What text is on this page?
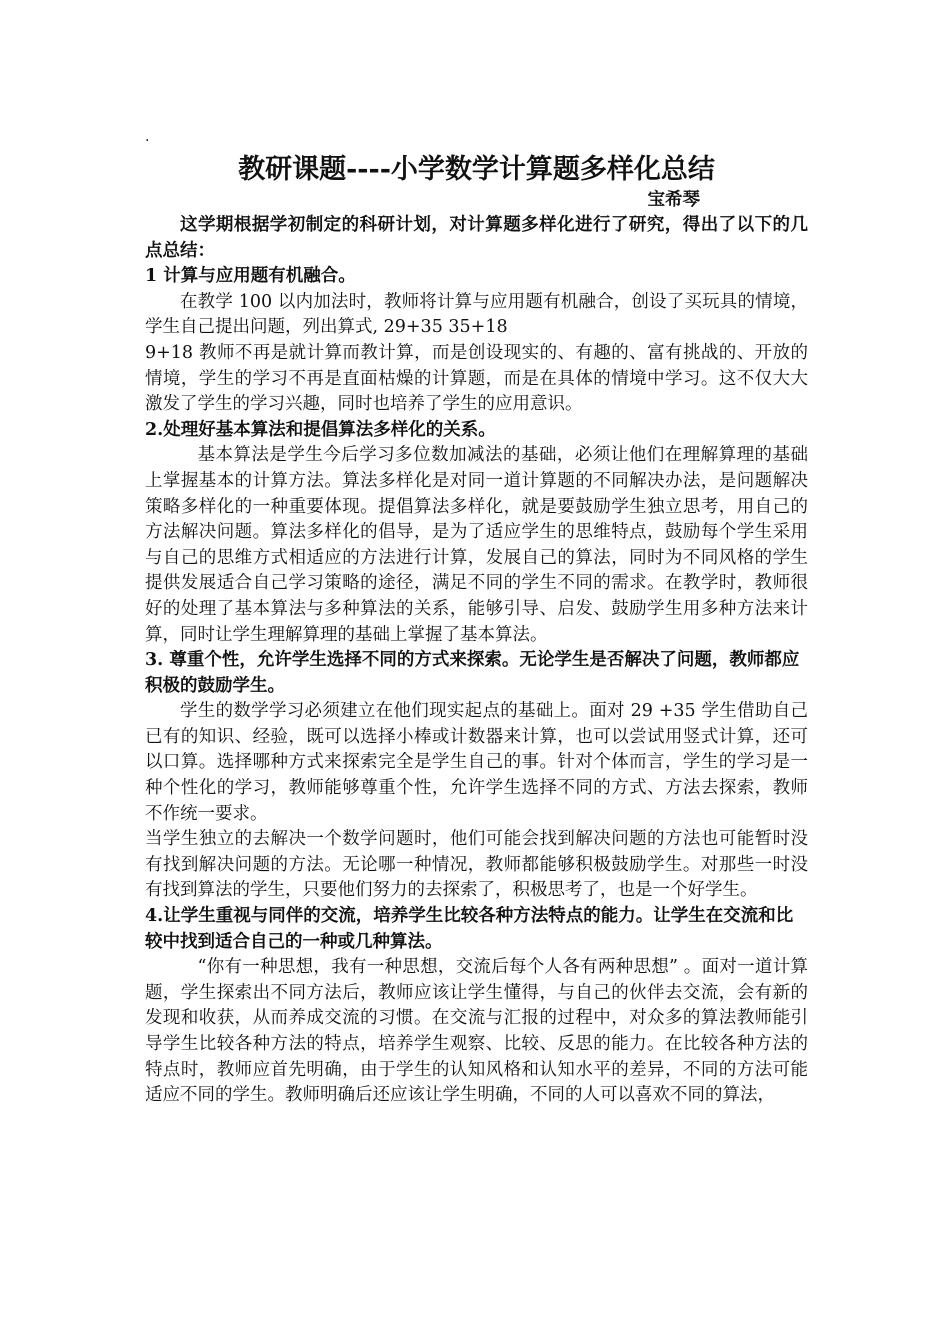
.
教研课题----小学数学计算题多样化总结
宝希琴

这学期根据学初制定的科研计划，对计算题多样化进行了研究，得出了以下的几点总结：

1 计算与应用题有机融合。

在教学 100 以内加法时，教师将计算与应用题有机融合，创设了买玩具的情境，学生自己提出问题，列出算式, 29+35 35+18

9+18 教师不再是就计算而教计算，而是创设现实的、有趣的、富有挑战的、开放的情境，学生的学习不再是直面枯燥的计算题，而是在具体的情境中学习。这不仅大大激发了学生的学习兴趣，同时也培养了学生的应用意识。

2.处理好基本算法和提倡算法多样化的关系。

基本算法是学生今后学习多位数加减法的基础，必须让他们在理解算理的基础上掌握基本的计算方法。算法多样化是对同一道计算题的不同解决办法，是问题解决策略多样化的一种重要体现。提倡算法多样化，就是要鼓励学生独立思考，用自己的方法解决问题。算法多样化的倡导，是为了适应学生的思维特点，鼓励每个学生采用与自己的思维方式相适应的方法进行计算，发展自己的算法，同时为不同风格的学生提供发展适合自己学习策略的途径，满足不同的学生不同的需求。在教学时，教师很好的处理了基本算法与多种算法的关系，能够引导、启发、鼓励学生用多种方法来计算，同时让学生理解算理的基础上掌握了基本算法。

3. 尊重个性，允许学生选择不同的方式来探索。无论学生是否解决了问题，教师都应积极的鼓励学生。

学生的数学学习必须建立在他们现实起点的基础上。面对 29 +35 学生借助自己已有的知识、经验，既可以选择小棒或计数器来计算，也可以尝试用竖式计算，还可以口算。选择哪种方式来探索完全是学生自己的事。针对个体而言，学生的学习是一种个性化的学习，教师能够尊重个性，允许学生选择不同的方式、方法去探索，教师不作统一要求。

当学生独立的去解决一个数学问题时，他们可能会找到解决问题的方法也可能暂时没有找到解决问题的方法。无论哪一种情况，教师都能够积极鼓励学生。对那些一时没有找到算法的学生，只要他们努力的去探索了，积极思考了，也是一个好学生。

4.让学生重视与同伴的交流，培养学生比较各种方法特点的能力。让学生在交流和比较中找到适合自己的一种或几种算法。

“你有一种思想，我有一种思想，交流后每个人各有两种思想” 。面对一道计算题，学生探索出不同方法后，教师应该让学生懂得，与自己的伙伴去交流，会有新的发现和收获，从而养成交流的习惯。在交流与汇报的过程中，对众多的算法教师能引导学生比较各种方法的特点，培养学生观察、比较、反思的能力。在比较各种方法的特点时，教师应首先明确，由于学生的认知风格和认知水平的差异，不同的方法可能适应不同的学生。教师明确后还应该让学生明确，不同的人可以喜欢不同的算法，
